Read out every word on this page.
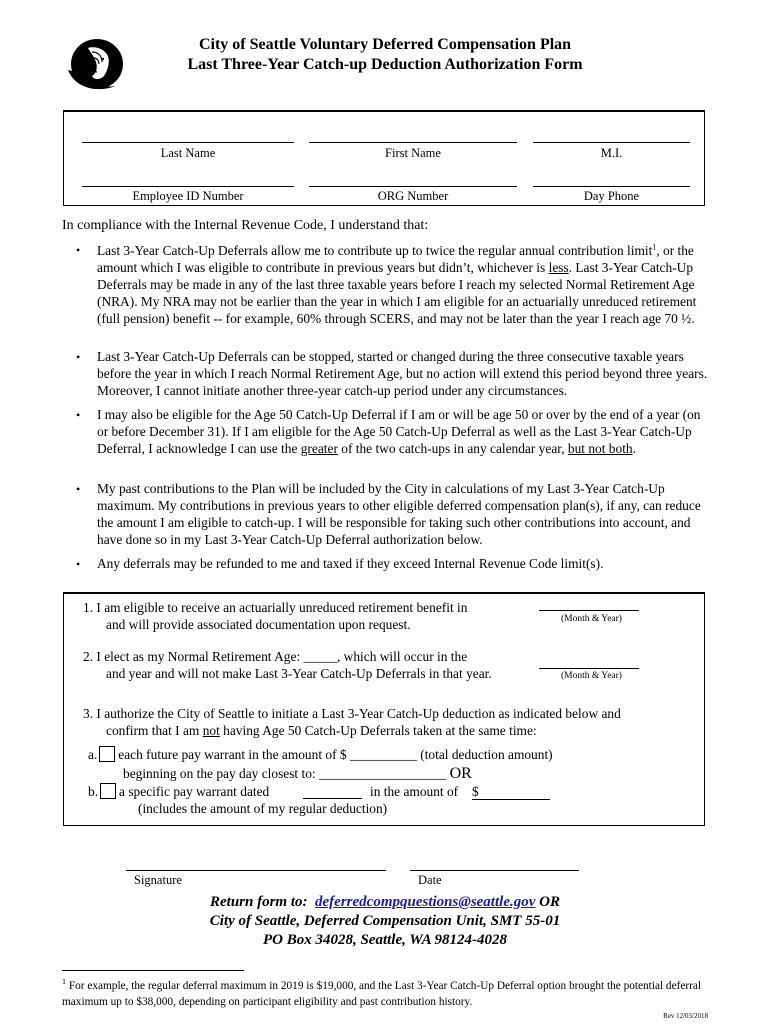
City of Seattle Voluntary Deferred Compensation Plan
Last Three-Year Catch-up Deduction Authorization Form
Last Name	First Name	M.I.
Employee ID Number	ORG Number	Day Phone
In compliance with the Internal Revenue Code, I understand that:
• Last 3-Year Catch-Up Deferrals allow me to contribute up to twice the regular annual contribution limit$^1$, or the amount which I was eligible to contribute in previous years but didn’t, whichever is less. Last 3-Year Catch-Up Deferrals may be made in any of the last three taxable years before I reach my selected Normal Retirement Age (NRA). My NRA may not be earlier than the year in which I am eligible for an actuarially unreduced retirement (full pension) benefit -- for example, 60% through SCERS, and may not be later than the year I reach age 70 ½.
• Last 3-Year Catch-Up Deferrals can be stopped, started or changed during the three consecutive taxable years before the year in which I reach Normal Retirement Age, but no action will extend this period beyond three years. Moreover, I cannot initiate another three-year catch-up period under any circumstances.
• I may also be eligible for the Age 50 Catch-Up Deferral if I am or will be age 50 or over by the end of a year (on or before December 31). If I am eligible for the Age 50 Catch-Up Deferral as well as the Last 3-Year Catch-Up Deferral, I acknowledge I can use the greater of the two catch-ups in any calendar year, but not both.
• My past contributions to the Plan will be included by the City in calculations of my Last 3-Year Catch-Up maximum. My contributions in previous years to other eligible deferred compensation plan(s), if any, can reduce the amount I am eligible to catch-up. I will be responsible for taking such other contributions into account, and have done so in my Last 3-Year Catch-Up Deferral authorization below.
• Any deferrals may be refunded to me and taxed if they exceed Internal Revenue Code limit(s).
1. I am eligible to receive an actuarially unreduced retirement benefit in
and will provide associated documentation upon request.	(Month & Year)
2. I elect as my Normal Retirement Age: _____, which will occur in the
and year and will not make Last 3-Year Catch-Up Deferrals in that year.	(Month & Year)
3. I authorize the City of Seattle to initiate a Last 3-Year Catch-Up deduction as indicated below and
confirm that I am not having Age 50 Catch-Up Deferrals taken at the same time:
a. each future pay warrant in the amount of $ __________ (total deduction amount)
beginning on the pay day closest to: ___________________ OR
b. a specific pay warrant dated	in the amount of $
(includes the amount of my regular deduction)
Signature	Date
Return form to: deferredcompquestions@seattle.gov OR
City of Seattle, Deferred Compensation Unit, SMT 55-01
PO Box 34028, Seattle, WA 98124-4028
$^1$ For example, the regular deferral maximum in 2019 is $19,000, and the Last 3-Year Catch-Up Deferral option brought the potential deferral maximum up to $38,000, depending on participant eligibility and past contribution history.
Rev 12/03/2018
